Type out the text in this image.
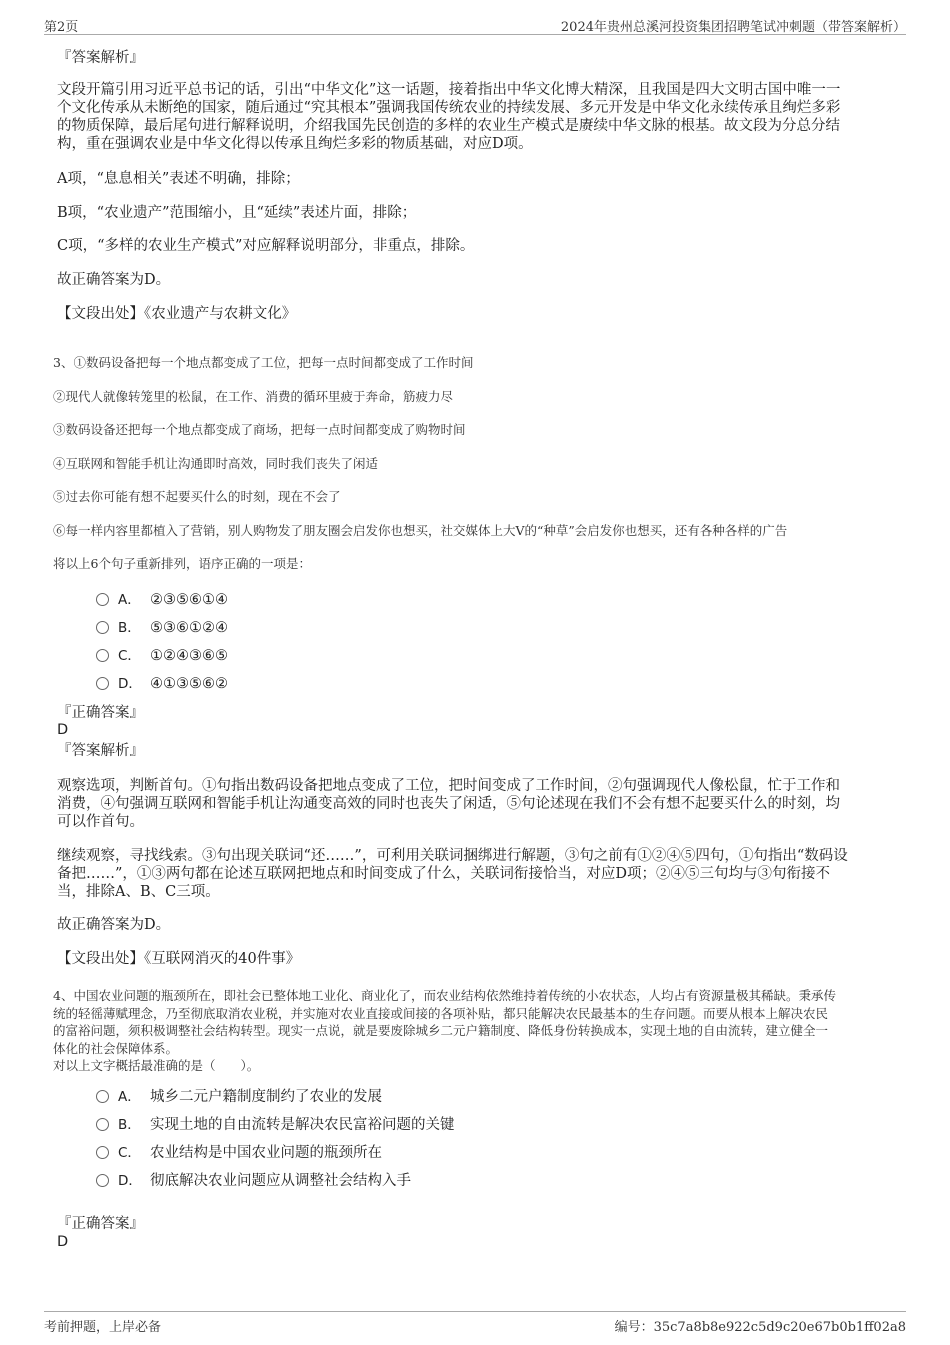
第2页	2024年贵州总溪河投资集团招聘笔试冲刺题（带答案解析）
『答案解析』
文段开篇引用习近平总书记的话，引出“中华文化”这一话题，接着指出中华文化博大精深，且我国是四大文明古国中唯一一
个文化传承从未断绝的国家，随后通过“究其根本”强调我国传统农业的持续发展、多元开发是中华文化永续传承且绚烂多彩
的物质保障，最后尾句进行解释说明，介绍我国先民创造的多样的农业生产模式是赓续中华文脉的根基。故文段为分总分结
构，重在强调农业是中华文化得以传承且绚烂多彩的物质基础，对应D项。
A项，“息息相关”表述不明确，排除；
B项，“农业遗产”范围缩小，且“延续”表述片面，排除；
C项，“多样的农业生产模式”对应解释说明部分，非重点，排除。
故正确答案为D。
【文段出处】《农业遗产与农耕文化》
3、①数码设备把每一个地点都变成了工位，把每一点时间都变成了工作时间
②现代人就像转笼里的松鼠，在工作、消费的循环里疲于奔命，筋疲力尽
③数码设备还把每一个地点都变成了商场，把每一点时间都变成了购物时间
④互联网和智能手机让沟通即时高效，同时我们丧失了闲适
⑤过去你可能有想不起要买什么的时刻，现在不会了
⑥每一样内容里都植入了营销，别人购物发了朋友圈会启发你也想买，社交媒体上大V的“种草”会启发你也想买，还有各种各样的广告
将以上6个句子重新排列，语序正确的一项是：
A． ②③⑤⑥①④
B． ⑤③⑥①②④
C． ①②④③⑥⑤
D． ④①③⑤⑥②
『正确答案』
D
『答案解析』
观察选项，判断首句。①句指出数码设备把地点变成了工位，把时间变成了工作时间，②句强调现代人像松鼠，忙于工作和
消费，④句强调互联网和智能手机让沟通变高效的同时也丧失了闲适，⑤句论述现在我们不会有想不起要买什么的时刻，均
可以作首句。
继续观察，寻找线索。③句出现关联词“还……”，可利用关联词捆绑进行解题，③句之前有①②④⑤四句，①句指出“数码设
备把……”，①③两句都在论述互联网把地点和时间变成了什么，关联词衔接恰当，对应D项；②④⑤三句均与③句衔接不
当，排除A、B、C三项。
故正确答案为D。
【文段出处】《互联网消灭的40件事》
4、中国农业问题的瓶颈所在，即社会已整体地工业化、商业化了，而农业结构依然维持着传统的小农状态，人均占有资源量极其稀缺。秉承传
统的轻徭薄赋理念，乃至彻底取消农业税，并实施对农业直接或间接的各项补贴，都只能解决农民最基本的生存问题。而要从根本上解决农民
的富裕问题，须积极调整社会结构转型。现实一点说，就是要废除城乡二元户籍制度、降低身份转换成本，实现土地的自由流转，建立健全一
体化的社会保障体系。
对以上文字概括最准确的是（　　）。
A． 城乡二元户籍制度制约了农业的发展
B． 实现土地的自由流转是解决农民富裕问题的关键
C． 农业结构是中国农业问题的瓶颈所在
D． 彻底解决农业问题应从调整社会结构入手
『正确答案』
D
考前押题，上岸必备	编号：35c7a8b8e922c5d9c20e67b0b1ff02a8
